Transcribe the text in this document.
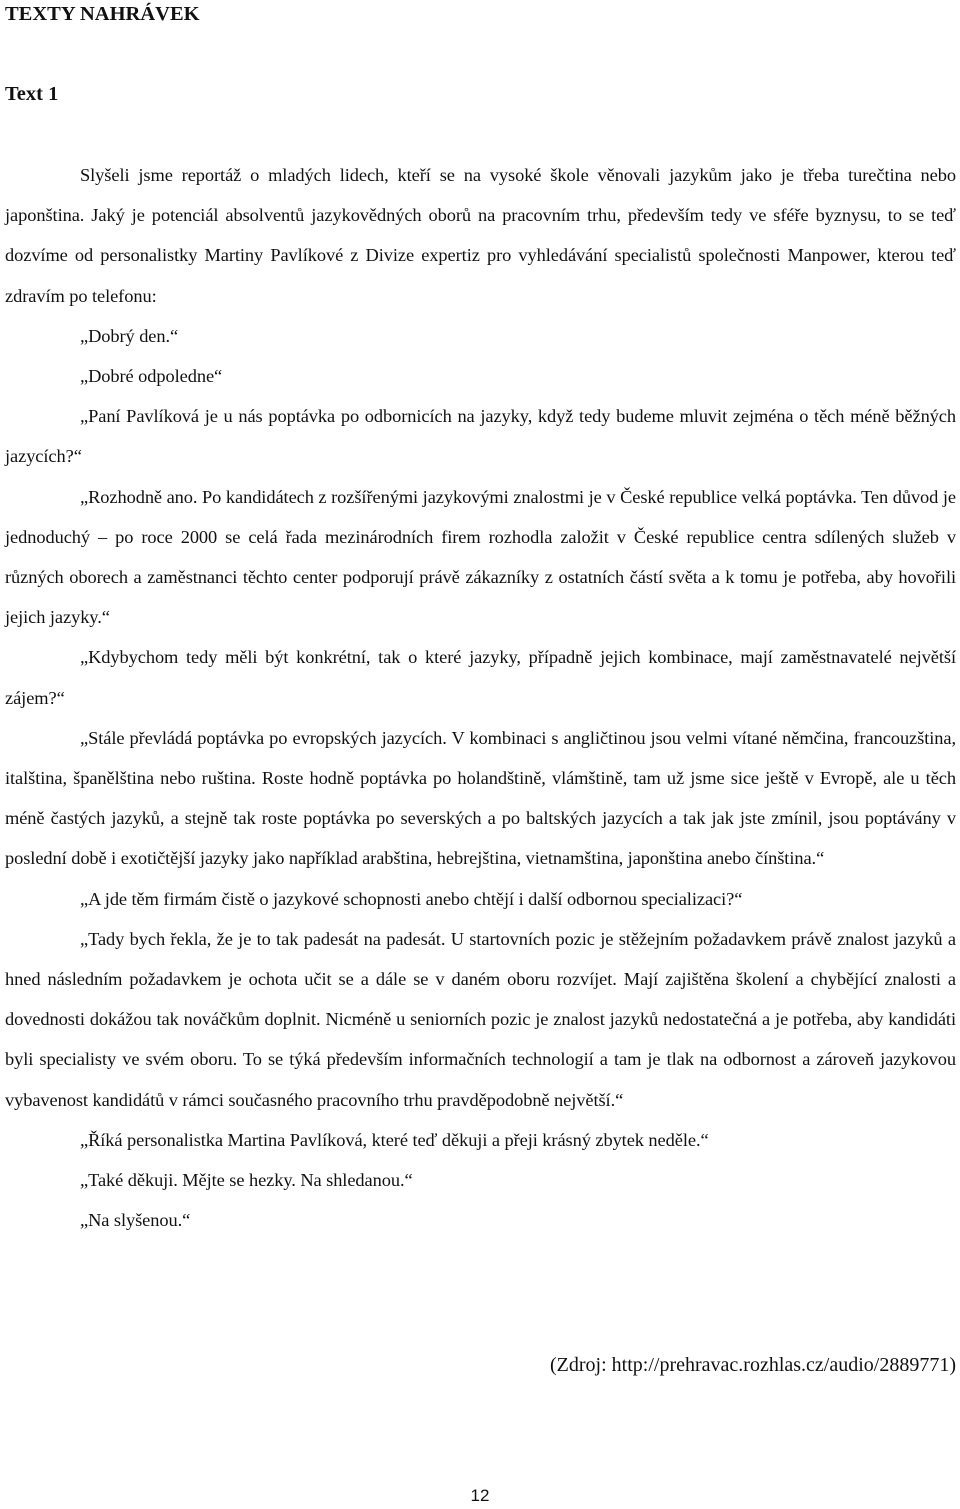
TEXTY NAHRÁVEK
Text 1

Slyšeli jsme reportáž o mladých lidech, kteří se na vysoké škole věnovali jazykům jako je třeba turečtina nebo japonština. Jaký je potenciál absolventů jazykovědných oborů na pracovním trhu, především tedy ve sféře byznysu, to se teď dozvíme od personalistky Martiny Pavlíkové z Divize expertiz pro vyhledávání specialistů společnosti Manpower, kterou teď zdravím po telefonu:

„Dobrý den.“

„Dobré odpoledne“

„Paní Pavlíková je u nás poptávka po odbornicích na jazyky, když tedy budeme mluvit zejména o těch méně běžných jazycích?“

„Rozhodně ano. Po kandidátech z rozšířenými jazykovými znalostmi je v České republice velká poptávka. Ten důvod je jednoduchý – po roce 2000 se celá řada mezinárodních firem rozhodla založit v České republice centra sdílených služeb v různých oborech a zaměstnanci těchto center podporují právě zákazníky z ostatních částí světa a k tomu je potřeba, aby hovořili jejich jazyky.“

„Kdybychom tedy měli být konkrétní, tak o které jazyky, případně jejich kombinace, mají zaměstnavatelé největší zájem?“

„Stále převládá poptávka po evropských jazycích. V kombinaci s angličtinou jsou velmi vítané němčina, francouzština, italština, španělština nebo ruština. Roste hodně poptávka po holandštině, vlámštině, tam už jsme sice ještě v Evropě, ale u těch méně častých jazyků, a stejně tak roste poptávka po severských a po baltských jazycích a tak jak jste zmínil, jsou poptávány v poslední době i exotičtější jazyky jako například arabština, hebrejština, vietnamština, japonština anebo čínština.“

„A jde těm firmám čistě o jazykové schopnosti anebo chtějí i další odbornou specializaci?“

„Tady bych řekla, že je to tak padesát na padesát. U startovních pozic je stěžejním požadavkem právě znalost jazyků a hned následním požadavkem je ochota učit se a dále se v daném oboru rozvíjet. Mají zajištěna školení a chybějící znalosti a dovednosti dokážou tak nováčkům doplnit. Nicméně u seniorních pozic je znalost jazyků nedostatečná a je potřeba, aby kandidáti byli specialisty ve svém oboru. To se týká především informačních technologií a tam je tlak na odbornost a zároveň jazykovou vybavenost kandidátů v rámci současného pracovního trhu pravděpodobně největší.“

„Říká personalistka Martina Pavlíková, které teď děkuji a přeji krásný zbytek neděle.“

„Také děkuji. Mějte se hezky. Na shledanou.“

„Na slyšenou.“

(Zdroj: http://prehravac.rozhlas.cz/audio/2889771)

12
